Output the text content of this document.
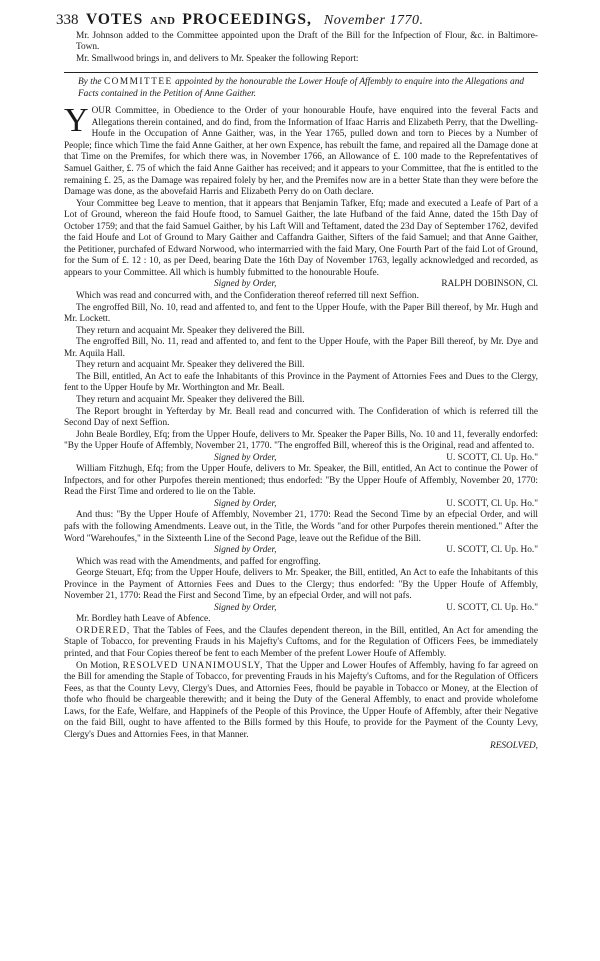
338 VOTES AND PROCEEDINGS, November 1770.

Mr. Johnson added to the Committee appointed upon the Draft of the Bill for the Infpection of Flour, &c. in Baltimore-Town.

Mr. Smallwood brings in, and delivers to Mr. Speaker the following Report:

By the COMMITTEE appointed by the honourable the Lower Houfe of Affembly to enquire into the Allegations and Facts contained in the Petition of Anne Gaither.

Y OUR Committee, in Obedience to the Order of your honourable Houfe, have enquired into the feveral Facts and Allegations therein contained, and do find, from the Information of Ifaac Harris and Elizabeth Perry, that the Dwelling-Houfe in the Occupation of Anne Gaither, was, in the Year 1765, pulled down and torn to Pieces by a Number of People; fince which Time the faid Anne Gaither, at her own Expence, has rebuilt the fame, and repaired all the Damage done at that Time on the Premifes, for which there was, in November 1766, an Allowance of £. 100 made to the Reprefentatives of Samuel Gaither, £. 75 of which the faid Anne Gaither has received; and it appears to your Committee, that fhe is entitled to the remaining £. 25, as the Damage was repaired folely by her, and the Premifes now are in a better State than they were before the Damage was done, as the abovefaid Harris and Elizabeth Perry do on Oath declare.

Your Committee beg Leave to mention, that it appears that Benjamin Tafker, Efq; made and executed a Leafe of Part of a Lot of Ground, whereon the faid Houfe ftood, to Samuel Gaither, the late Hufband of the faid Anne, dated the 15th Day of October 1759; and that the faid Samuel Gaither, by his Laft Will and Teftament, dated the 23d Day of September 1762, devifed the faid Houfe and Lot of Ground to Mary Gaither and Caffandra Gaither, Sifters of the faid Samuel; and that Anne Gaither, the Petitioner, purchafed of Edward Norwood, who intermarried with the faid Mary, One Fourth Part of the faid Lot of Ground, for the Sum of £. 12 : 10, as per Deed, bearing Date the 16th Day of November 1763, legally acknowledged and recorded, as appears to your Committee. All which is humbly fubmitted to the honourable Houfe.

Signed by Order,	RALPH DOBINSON, Cl.

Which was read and concurred with, and the Confideration thereof referred till next Seffion.

The engroffed Bill, No. 10, read and affented to, and fent to the Upper Houfe, with the Paper Bill thereof, by Mr. Hugh and Mr. Lockett.

They return and acquaint Mr. Speaker they delivered the Bill.

The engroffed Bill, No. 11, read and affented to, and fent to the Upper Houfe, with the Paper Bill thereof, by Mr. Dye and Mr. Aquila Hall.

They return and acquaint Mr. Speaker they delivered the Bill.

The Bill, entitled, An Act to eafe the Inhabitants of this Province in the Payment of Attornies Fees and Dues to the Clergy, fent to the Upper Houfe by Mr. Worthington and Mr. Beall.

They return and acquaint Mr. Speaker they delivered the Bill.

The Report brought in Yefterday by Mr. Beall read and concurred with. The Confideration of which is referred till the Second Day of next Seffion.

John Beale Bordley, Efq; from the Upper Houfe, delivers to Mr. Speaker the Paper Bills, No. 10 and 11, feverally endorfed: "By the Upper Houfe of Affembly, November 21, 1770. "The engroffed Bill, whereof this is the Original, read and affented to.

Signed by Order,	U. SCOTT, Cl. Up. Ho."

William Fitzhugh, Efq; from the Upper Houfe, delivers to Mr. Speaker, the Bill, entitled, An Act to continue the Power of Infpectors, and for other Purpofes therein mentioned; thus endorfed: "By the Upper Houfe of Affembly, November 20, 1770: Read the First Time and ordered to lie on the Table.

Signed by Order,	U. SCOTT, Cl. Up. Ho."

And thus: "By the Upper Houfe of Affembly, November 21, 1770: Read the Second Time by an efpecial Order, and will pafs with the following Amendments. Leave out, in the Title, the Words "and for other Purpofes therein mentioned." After the Word "Warehoufes," in the Sixteenth Line of the Second Page, leave out the Refidue of the Bill.

Signed by Order,	U. SCOTT, Cl. Up. Ho."

Which was read with the Amendments, and paffed for engroffing.

George Steuart, Efq; from the Upper Houfe, delivers to Mr. Speaker, the Bill, entitled, An Act to eafe the Inhabitants of this Province in the Payment of Attornies Fees and Dues to the Clergy; thus endorfed: "By the Upper Houfe of Affembly, November 21, 1770: Read the First and Second Time, by an efpecial Order, and will not pafs.

Signed by Order,	U. SCOTT, Cl. Up. Ho."

Mr. Bordley hath Leave of Abfence.

ORDERED, That the Tables of Fees, and the Claufes dependent thereon, in the Bill, entitled, An Act for amending the Staple of Tobacco, for preventing Frauds in his Majefty's Cuftoms, and for the Regulation of Officers Fees, be immediately printed, and that Four Copies thereof be fent to each Member of the prefent Lower Houfe of Affembly.

On Motion, RESOLVED UNANIMOUSLY, That the Upper and Lower Houfes of Affembly, having fo far agreed on the Bill for amending the Staple of Tobacco, for preventing Frauds in his Majefty's Cuftoms, and for the Regulation of Officers Fees, as that the County Levy, Clergy's Dues, and Attornies Fees, fhould be payable in Tobacco or Money, at the Election of thofe who fhould be chargeable therewith; and it being the Duty of the General Affembly, to enact and provide wholefome Laws, for the Eafe, Welfare, and Happinefs of the People of this Province, the Upper Houfe of Affembly, after their Negative on the faid Bill, ought to have affented to the Bills formed by this Houfe, to provide for the Payment of the County Levy, Clergy's Dues and Attornies Fees, in that Manner.

RESOLVED,
